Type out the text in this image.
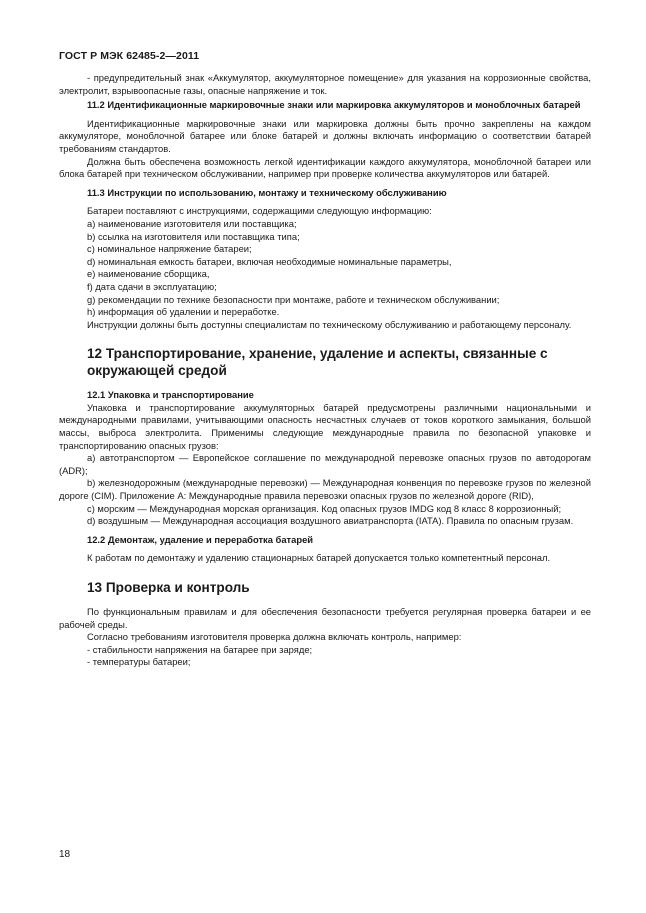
ГОСТ Р МЭК 62485-2—2011

- предупредительный знак «Аккумулятор, аккумуляторное помещение» для указания на коррозионные свойства, электролит, взрывоопасные газы, опасные напряжение и ток.

11.2 Идентификационные маркировочные знаки или маркировка аккумуляторов и моноблочных батарей

Идентификационные маркировочные знаки или маркировка должны быть прочно закреплены на каждом аккумуляторе, моноблочной батарее или блоке батарей и должны включать информацию о соответствии батарей требованиям стандартов.

Должна быть обеспечена возможность легкой идентификации каждого аккумулятора, моноблочной батареи или блока батарей при техническом обслуживании, например при проверке количества аккумуляторов или батарей.

11.3 Инструкции по использованию, монтажу и техническому обслуживанию

Батареи поставляют с инструкциями, содержащими следующую информацию:

a) наименование изготовителя или поставщика;

b) ссылка на изготовителя или поставщика типа;

c) номинальное напряжение батареи;

d) номинальная емкость батареи, включая необходимые номинальные параметры,

e) наименование сборщика,

f) дата сдачи в эксплуатацию;

g) рекомендации по технике безопасности при монтаже, работе и техническом обслуживании;

h) информация об удалении и переработке.

Инструкции должны быть доступны специалистам по техническому обслуживанию и работающему персоналу.

12 Транспортирование, хранение, удаление и аспекты, связанные с окружающей средой

12.1 Упаковка и транспортирование

Упаковка и транспортирование аккумуляторных батарей предусмотрены различными национальными и международными правилами, учитывающими опасность несчастных случаев от токов короткого замыкания, большой массы, выброса электролита. Применимы следующие международные правила по безопасной упаковке и транспортированию опасных грузов:

a) автотранспортом — Европейское соглашение по международной перевозке опасных грузов по автодорогам (ADR);

b) железнодорожным (международные перевозки) — Международная конвенция по перевозке грузов по железной дороге (CIM). Приложение А: Международные правила перевозки опасных грузов по железной дороге (RID),

c) морским — Международная морская организация. Код опасных грузов IMDG код 8 класс 8 коррозионный;

d) воздушным — Международная ассоциация воздушного авиатранспорта (IATA). Правила по опасным грузам.

12.2 Демонтаж, удаление и переработка батарей

К работам по демонтажу и удалению стационарных батарей допускается только компетентный персонал.

13 Проверка и контроль

По функциональным правилам и для обеспечения безопасности требуется регулярная проверка батареи и ее рабочей среды.

Согласно требованиям изготовителя проверка должна включать контроль, например:

- стабильности напряжения на батарее при заряде;

- температуры батареи;

18
